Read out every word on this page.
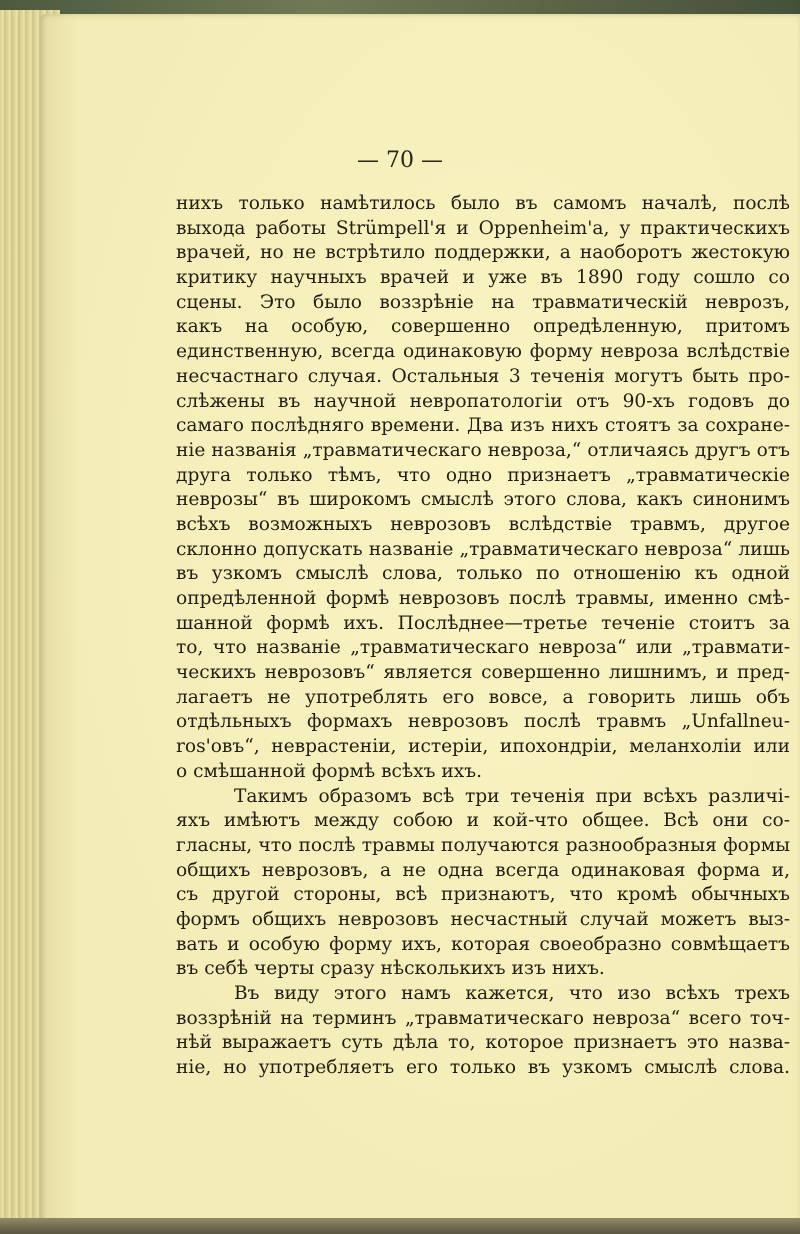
— 70 —

нихъ только намѣтилось было въ самомъ началѣ, послѣ
выхода работы Strümpell'я и Oppenheim'а, у практическихъ
врачей, но не встрѣтило поддержки, а наоборотъ жестокую
критику научныхъ врачей и уже въ 1890 году сошло со
сцены. Это было воззрѣніе на травматическій неврозъ,
какъ на особую, совершенно опредѣленную, притомъ
единственную, всегда одинаковую форму невроза вслѣдствіе
несчастнаго случая. Остальныя 3 теченія могутъ быть про-
слѣжены въ научной невропатологіи отъ 90-хъ годовъ до
самаго послѣдняго времени. Два изъ нихъ стоятъ за сохране-
ніе названія „травматическаго невроза,“ отличаясь другъ отъ
друга только тѣмъ, что одно признаетъ „травматическіе
неврозы“ въ широкомъ смыслѣ этого слова, какъ синонимъ
всѣхъ возможныхъ неврозовъ вслѣдствіе травмъ, другое
склонно допускать названіе „травматическаго невроза“ лишь
въ узкомъ смыслѣ слова, только по отношенію къ одной
опредѣленной формѣ неврозовъ послѣ травмы, именно смѣ-
шанной формѣ ихъ. Послѣднее—третье теченіе стоитъ за
то, что названіе „травматическаго невроза“ или „травмати-
ческихъ неврозовъ“ является совершенно лишнимъ, и пред-
лагаетъ не употреблять его вовсе, а говорить лишь объ
отдѣльныхъ формахъ неврозовъ послѣ травмъ „Unfallneu-
ros'овъ“, неврастеніи, истеріи, ипохондріи, меланхоліи или
о смѣшанной формѣ всѣхъ ихъ.
Такимъ образомъ всѣ три теченія при всѣхъ различі-
яхъ имѣютъ между собою и кой-что общее. Всѣ они со-
гласны, что послѣ травмы получаются разнообразныя формы
общихъ неврозовъ, а не одна всегда одинаковая форма и,
съ другой стороны, всѣ признаютъ, что кромѣ обычныхъ
формъ общихъ неврозовъ несчастный случай можетъ выз-
вать и особую форму ихъ, которая своеобразно совмѣщаетъ
въ себѣ черты сразу нѣсколькихъ изъ нихъ.
Въ виду этого намъ кажется, что изо всѣхъ трехъ
воззрѣній на терминъ „травматическаго невроза“ всего точ-
нѣй выражаетъ суть дѣла то, которое признаетъ это назва-
ніе, но употребляетъ его только въ узкомъ смыслѣ слова.
